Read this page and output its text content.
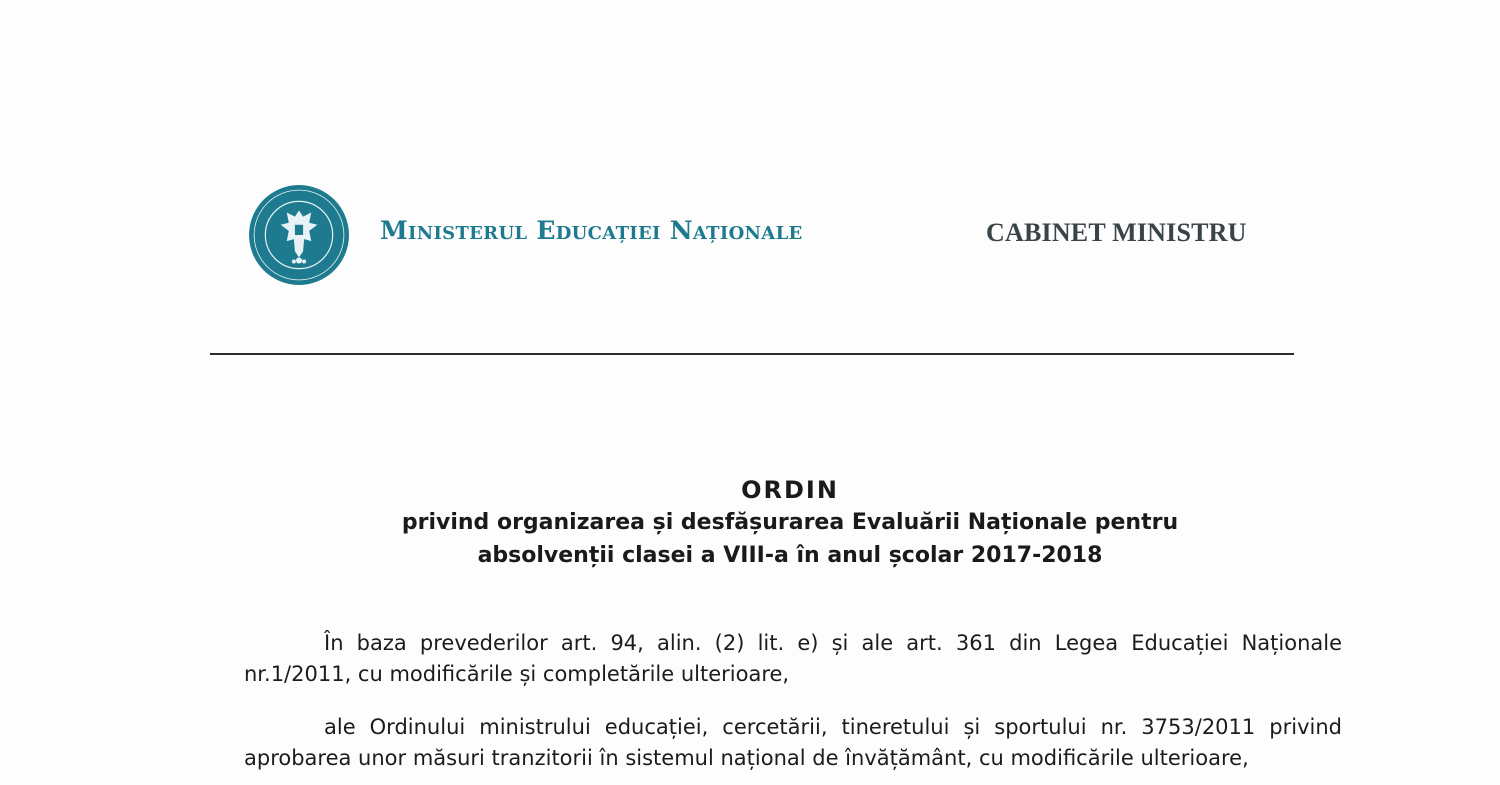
Ministerul Educației Naționale	CABINET MINISTRU
ORDIN
privind organizarea și desfășurarea Evaluării Naționale pentru
absolvenții clasei a VIII-a în anul școlar 2017-2018

În baza prevederilor art. 94, alin. (2) lit. e) și ale art. 361 din Legea Educației Naționale nr.1/2011, cu modificările și completările ulterioare,

ale Ordinului ministrului educației, cercetării, tineretului și sportului nr. 3753/2011 privind aprobarea unor măsuri tranzitorii în sistemul național de învățământ, cu modificările ulterioare,
